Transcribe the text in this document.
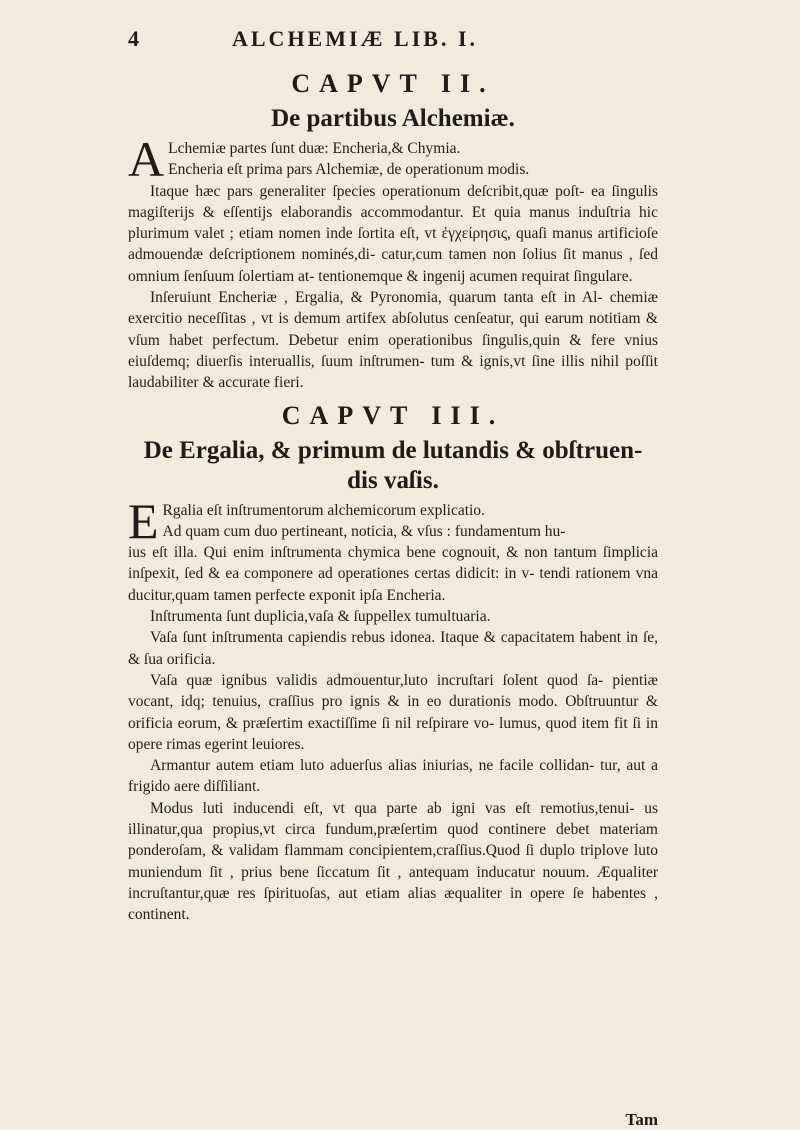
4	ALCHEMIÆ LIB. I.
CAPVT II.
De partibus Alchemiæ.

A Lchemiæ partes ſunt duæ: Encheria,& Chymia.
Encheria eſt prima pars Alchemiæ, de operationum modis.

Itaque hæc pars generaliter ſpecies operationum deſcribit,quæ poſt- ea ſingulis magiſterijs & eſſentijs elaborandis accommodantur. Et quia manus induſtria hic plurimum valet ; etiam nomen inde ſortita eſt, vt ἐγχείρησις, quaſi manus artificioſe admouendæ deſcriptionem nominés,di- catur,cum tamen non ſolius ſit manus , ſed omnium ſenſuum ſolertiam at- tentionemque & ingenij acumen requirat ſingulare.

Inſeruiunt Encheriæ , Ergalia, & Pyronomia, quarum tanta eſt in Al- chemiæ exercitio neceſſitas , vt is demum artifex abſolutus cenſeatur, qui earum notitiam & vſum habet perfectum. Debetur enim operationibus ſingulis,quin & fere vnius eiuſdemq; diuerſis interuallis, ſuum inſtrumen- tum & ignis,vt ſine illis nihil poſſit laudabiliter & accurate fieri.

CAPVT III.
De Ergalia, & primum de lutandis & obſtruen- dis vaſis.

E Rgalia eſt inſtrumentorum alchemicorum explicatio.
Ad quam cum duo pertineant, noticia, & vſus : fundamentum hu-

ius eſt illa. Qui enim inſtrumenta chymica bene cognouit, & non tantum ſimplicia inſpexit, ſed & ea componere ad operationes certas didicit: in v- tendi rationem vna ducitur,quam tamen perfecte exponit ipſa Encheria.

Inſtrumenta ſunt duplicia,vaſa & ſuppellex tumultuaria.

Vaſa ſunt inſtrumenta capiendis rebus idonea. Itaque & capacitatem habent in ſe, & ſua orificia.

Vaſa quæ ignibus validis admouentur,luto incruſtari ſolent quod ſa- pientiæ vocant, idq; tenuius, craſſius pro ignis & in eo durationis modo. Obſtruuntur & orificia eorum, & præſertim exactiſſime ſi nil reſpirare vo- lumus, quod item fit ſi in opere rimas egerint leuiores.

Armantur autem etiam luto aduerſus alias iniurias, ne facile collidan- tur, aut a frigido aere diſſiliant.

Modus luti inducendi eſt, vt qua parte ab igni vas eſt remotius,tenui- us illinatur,qua propius,vt circa fundum,præſertim quod continere debet materiam ponderoſam, & validam flammam concipientem,craſſius.Quod ſi duplo triplove luto muniendum ſit , prius bene ſiccatum ſit , antequam inducatur nouum. Æqualiter incruſtantur,quæ res ſpirituoſas, aut etiam alias æqualiter in opere ſe habentes , continent.

Tam
